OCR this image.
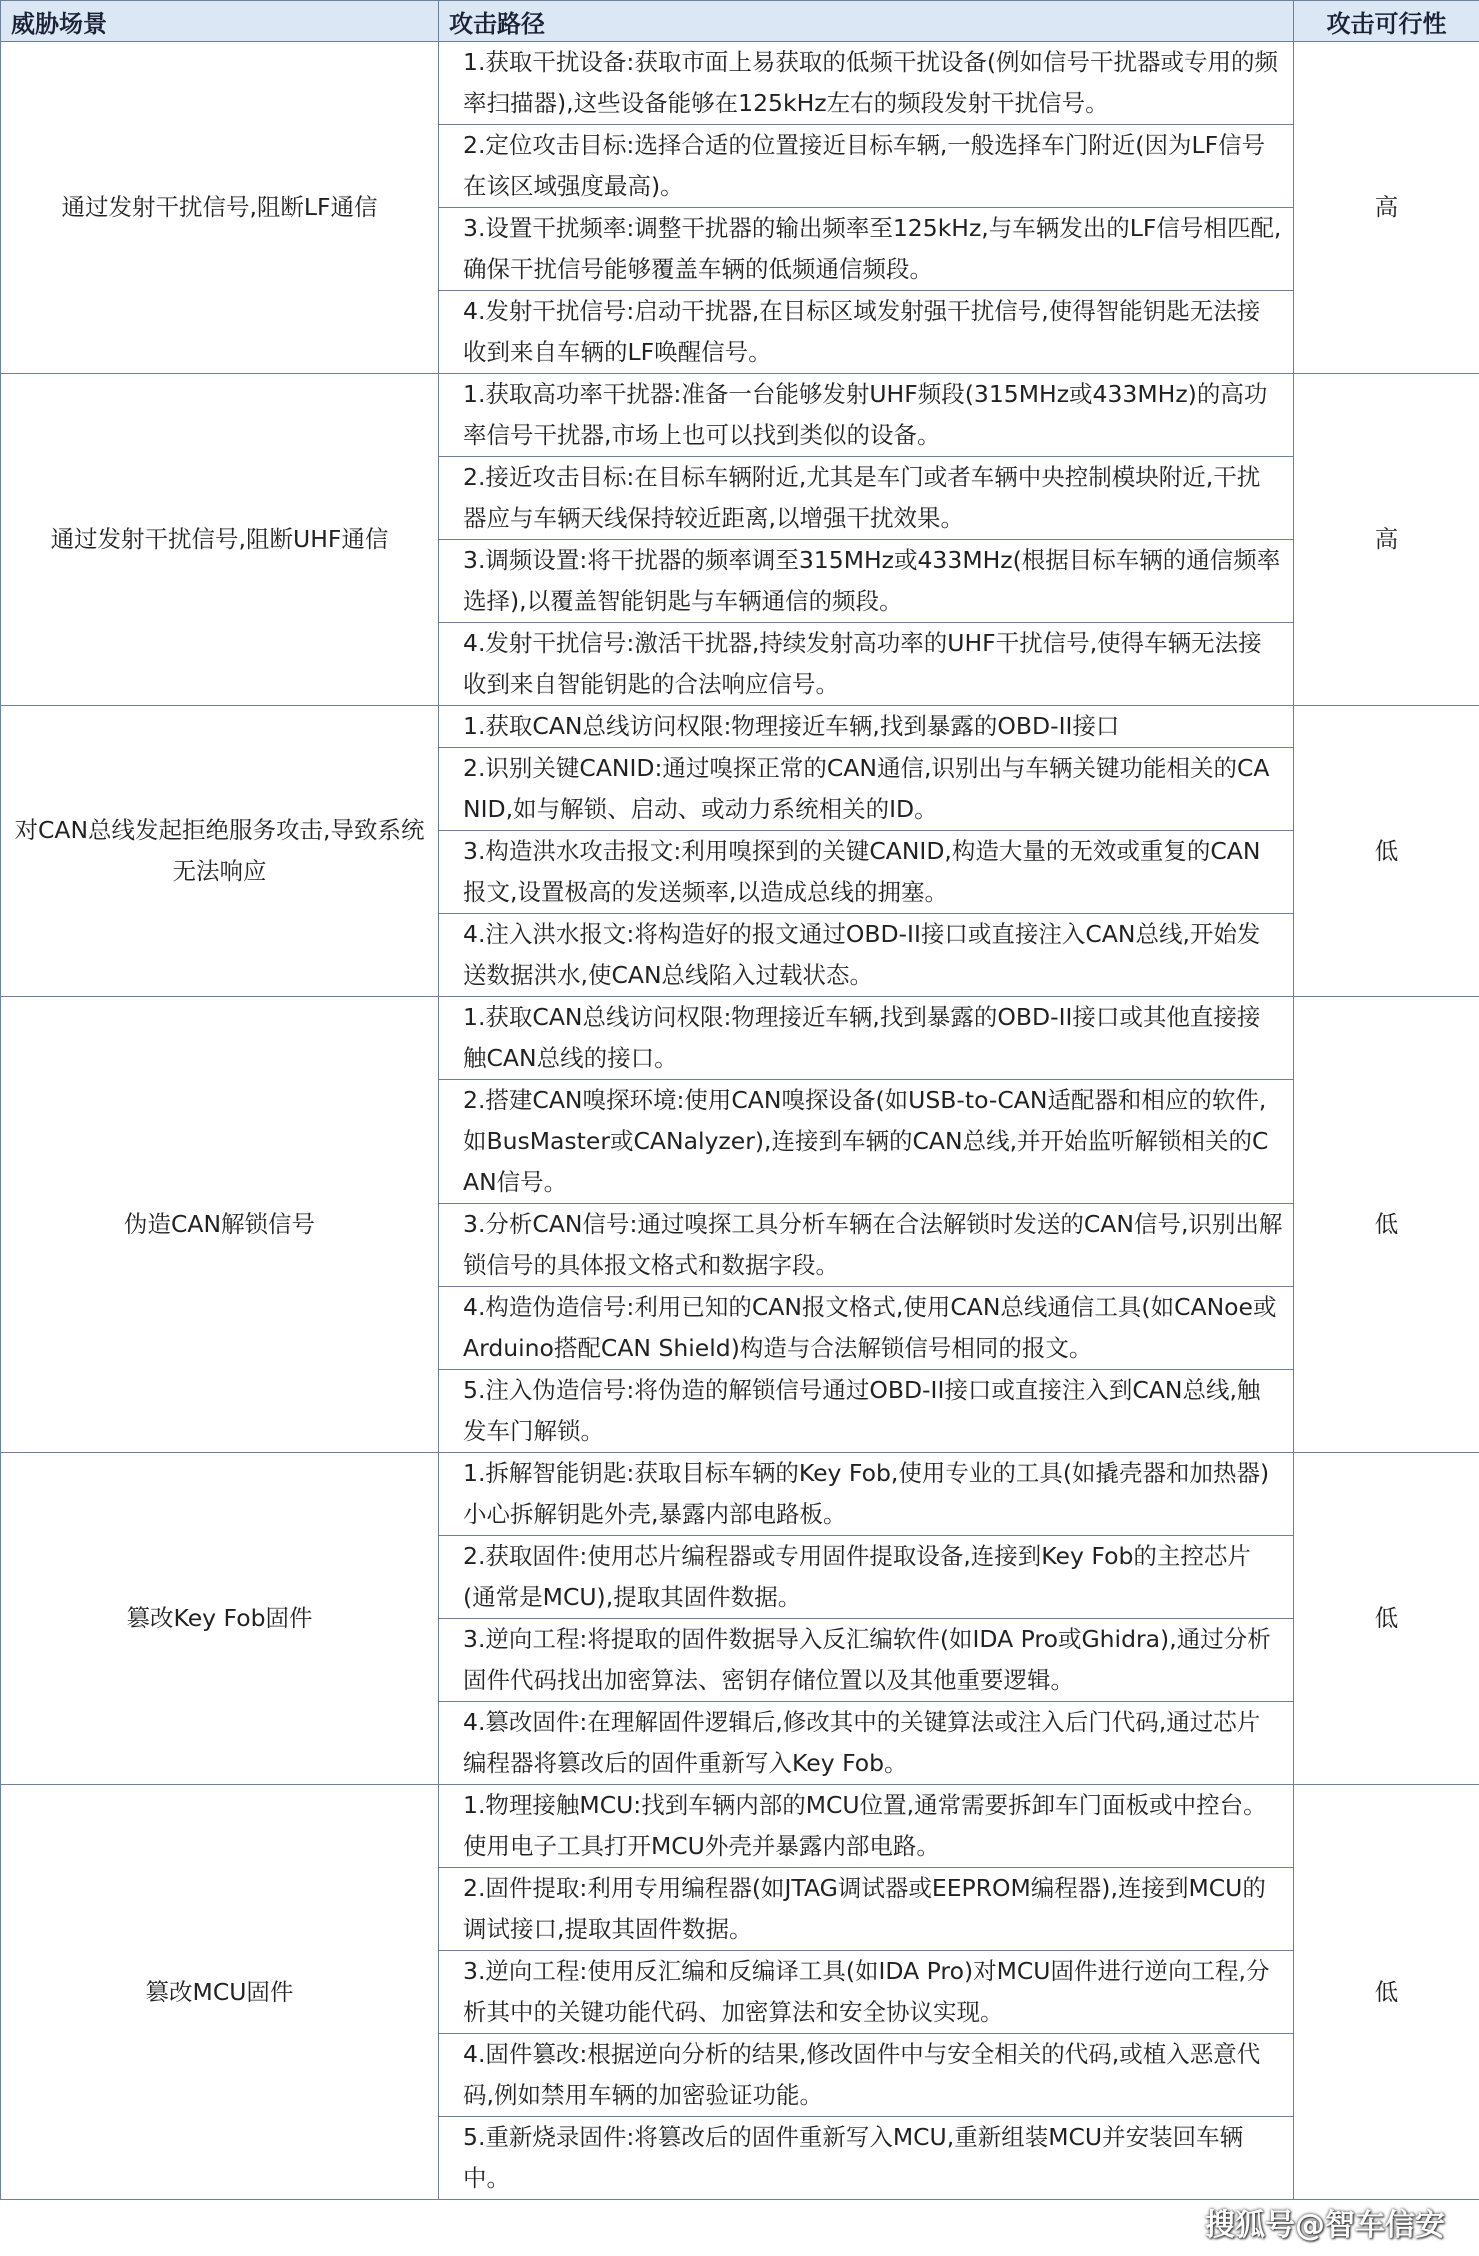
威胁场景	攻击路径	攻击可行性
通过发射干扰信号,阻断LF通信	1.获取干扰设备:获取市面上易获取的低频干扰设备(例如信号干扰器或专用的频率扫描器),这些设备能够在125kHz左右的频段发射干扰信号。	高
	2.定位攻击目标:选择合适的位置接近目标车辆,一般选择车门附近(因为LF信号在该区域强度最高)。	
	3.设置干扰频率:调整干扰器的输出频率至125kHz,与车辆发出的LF信号相匹配,确保干扰信号能够覆盖车辆的低频通信频段。	
	4.发射干扰信号:启动干扰器,在目标区域发射强干扰信号,使得智能钥匙无法接收到来自车辆的LF唤醒信号。	
通过发射干扰信号,阻断UHF通信	1.获取高功率干扰器:准备一台能够发射UHF频段(315MHz或433MHz)的高功率信号干扰器,市场上也可以找到类似的设备。	高
	2.接近攻击目标:在目标车辆附近,尤其是车门或者车辆中央控制模块附近,干扰器应与车辆天线保持较近距离,以增强干扰效果。	
	3.调频设置:将干扰器的频率调至315MHz或433MHz(根据目标车辆的通信频率选择),以覆盖智能钥匙与车辆通信的频段。	
	4.发射干扰信号:激活干扰器,持续发射高功率的UHF干扰信号,使得车辆无法接收到来自智能钥匙的合法响应信号。	
对CAN总线发起拒绝服务攻击,导致系统无法响应	1.获取CAN总线访问权限:物理接近车辆,找到暴露的OBD-II接口	低
	2.识别关键CANID:通过嗅探正常的CAN通信,识别出与车辆关键功能相关的CANID,如与解锁、启动、或动力系统相关的ID。	
	3.构造洪水攻击报文:利用嗅探到的关键CANID,构造大量的无效或重复的CAN报文,设置极高的发送频率,以造成总线的拥塞。	
	4.注入洪水报文:将构造好的报文通过OBD-II接口或直接注入CAN总线,开始发送数据洪水,使CAN总线陷入过载状态。	
伪造CAN解锁信号	1.获取CAN总线访问权限:物理接近车辆,找到暴露的OBD-II接口或其他直接接触CAN总线的接口。	低
	2.搭建CAN嗅探环境:使用CAN嗅探设备(如USB-to-CAN适配器和相应的软件,如BusMaster或CANalyzer),连接到车辆的CAN总线,并开始监听解锁相关的CAN信号。	
	3.分析CAN信号:通过嗅探工具分析车辆在合法解锁时发送的CAN信号,识别出解锁信号的具体报文格式和数据字段。	
	4.构造伪造信号:利用已知的CAN报文格式,使用CAN总线通信工具(如CANoe或Arduino搭配CAN Shield)构造与合法解锁信号相同的报文。	
	5.注入伪造信号:将伪造的解锁信号通过OBD-II接口或直接注入到CAN总线,触发车门解锁。	
篡改Key Fob固件	1.拆解智能钥匙:获取目标车辆的Key Fob,使用专业的工具(如撬壳器和加热器)小心拆解钥匙外壳,暴露内部电路板。	低
	2.获取固件:使用芯片编程器或专用固件提取设备,连接到Key Fob的主控芯片(通常是MCU),提取其固件数据。	
	3.逆向工程:将提取的固件数据导入反汇编软件(如IDA Pro或Ghidra),通过分析固件代码找出加密算法、密钥存储位置以及其他重要逻辑。	
	4.篡改固件:在理解固件逻辑后,修改其中的关键算法或注入后门代码,通过芯片编程器将篡改后的固件重新写入Key Fob。	
篡改MCU固件	1.物理接触MCU:找到车辆内部的MCU位置,通常需要拆卸车门面板或中控台。使用电子工具打开MCU外壳并暴露内部电路。	低
	2.固件提取:利用专用编程器(如JTAG调试器或EEPROM编程器),连接到MCU的调试接口,提取其固件数据。	
	3.逆向工程:使用反汇编和反编译工具(如IDA Pro)对MCU固件进行逆向工程,分析其中的关键功能代码、加密算法和安全协议实现。	
	4.固件篡改:根据逆向分析的结果,修改固件中与安全相关的代码,或植入恶意代码,例如禁用车辆的加密验证功能。	
	5.重新烧录固件:将篡改后的固件重新写入MCU,重新组装MCU并安装回车辆中。	
搜狐号@智车信安
